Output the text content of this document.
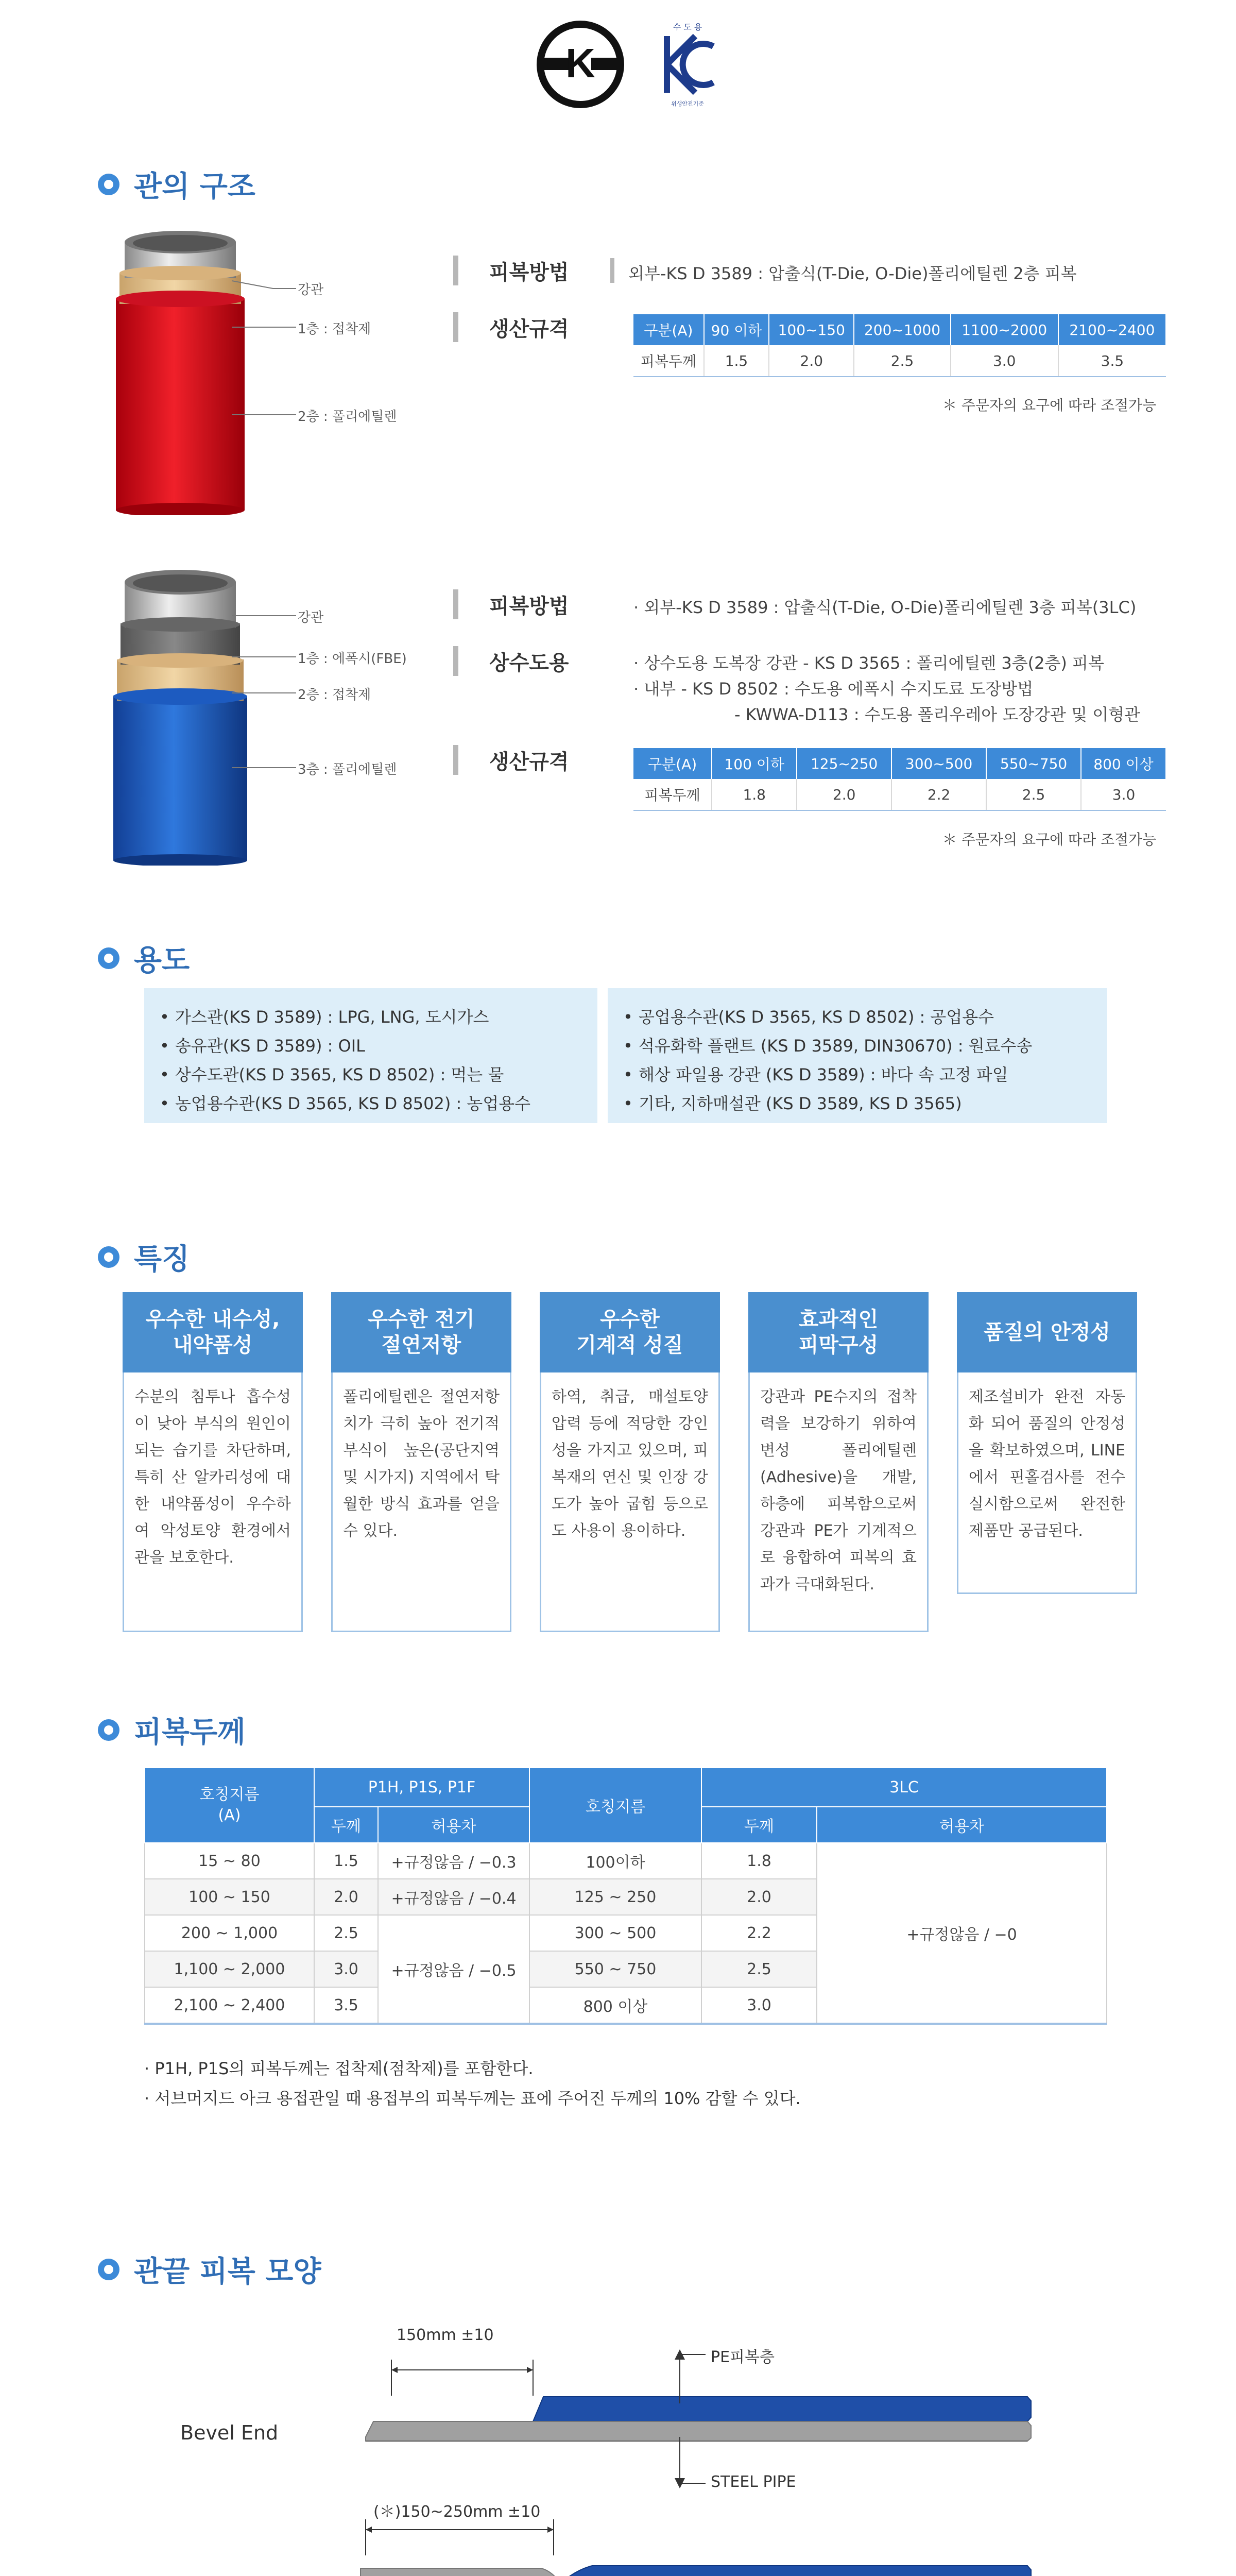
K
수 도 용
위생안전기준
관의 구조
강관
1층 : 접착제
2층 : 폴리에틸렌
피복방법	외부-KS D 3589 : 압출식(T-Die, O-Die)폴리에틸렌 2층 피복
생산규격	구분(A)	90 이하	100~150	200~1000	1100~2000	2100~2400
피복두께	1.5	2.0	2.5	3.0	3.5
＊ 주문자의 요구에 따라 조절가능
강관
1층 : 에폭시(FBE)
2층 : 접착제
3층 : 폴리에틸렌
피복방법	· 외부-KS D 3589 : 압출식(T-Die, O-Die)폴리에틸렌 3층 피복(3LC)
상수도용	· 상수도용 도복장 강관 - KS D 3565 : 폴리에틸렌 3층(2층) 피복
· 내부 - KS D 8502 : 수도용 에폭시 수지도료 도장방법
- KWWA-D113 : 수도용 폴리우레아 도장강관 및 이형관
생산규격	구분(A)	100 이하	125~250	300~500	550~750	800 이상
피복두께	1.8	2.0	2.2	2.5	3.0
＊ 주문자의 요구에 따라 조절가능
용도
• 가스관(KS D 3589) : LPG, LNG, 도시가스
• 송유관(KS D 3589) : OIL
• 상수도관(KS D 3565, KS D 8502) : 먹는 물
• 농업용수관(KS D 3565, KS D 8502) : 농업용수
• 공업용수관(KS D 3565, KS D 8502) : 공업용수
• 석유화학 플랜트 (KS D 3589, DIN30670) : 원료수송
• 해상 파일용 강관 (KS D 3589) : 바다 속 고정 파일
• 기타, 지하매설관 (KS D 3589, KS D 3565)
특징
우수한 내수성,
내약품성
수분의 침투나 흡수성이 낮아 부식의 원인이 되는 습기를 차단하며, 특히 산 알카리성에 대한 내약품성이 우수하여 악성토양 환경에서 관을 보호한다.
우수한 전기
절연저항
폴리에틸렌은 절연저항치가 극히 높아 전기적 부식이 높은(공단지역 및 시가지) 지역에서 탁월한 방식 효과를 얻을 수 있다.
우수한
기계적 성질
하역, 취급, 매설토양 압력 등에 적당한 강인성을 가지고 있으며, 피복재의 연신 및 인장 강도가 높아 굽힘 등으로도 사용이 용이하다.
효과적인
피막구성
강관과 PE수지의 접착력을 보강하기 위하여 변성 폴리에틸렌(Adhesive)을 개발, 하층에 피복함으로써 강관과 PE가 기계적으로 융합하여 피복의 효과가 극대화된다.
품질의 안정성
제조설비가 완전 자동화 되어 품질의 안정성을 확보하였으며, LINE에서 핀홀검사를 전수실시함으로써 완전한 제품만 공급된다.
피복두께
호칭지름
(A)	P1H, P1S, P1F		호칭지름	3LC	
	두께	허용차		두께	허용차
15 ~ 80	1.5	+규정않음 / −0.3	100이하	1.8	+규정않음 / −0
100 ~ 150	2.0	+규정않음 / −0.4	125 ~ 250	2.0	
200 ~ 1,000	2.5	+규정않음 / −0.5	300 ~ 500	2.2	
1,100 ~ 2,000	3.0		550 ~ 750	2.5	
2,100 ~ 2,400	3.5		800 이상	3.0	
· P1H, P1S의 피복두께는 접착제(점착제)를 포함한다.
· 서브머지드 아크 용접관일 때 용접부의 피복두께는 표에 주어진 두께의 10% 감할 수 있다.
관끝 피복 모양
Bevel End
150mm ±10
PE피복층
STEEL PIPE
(＊)150~250mm ±10
